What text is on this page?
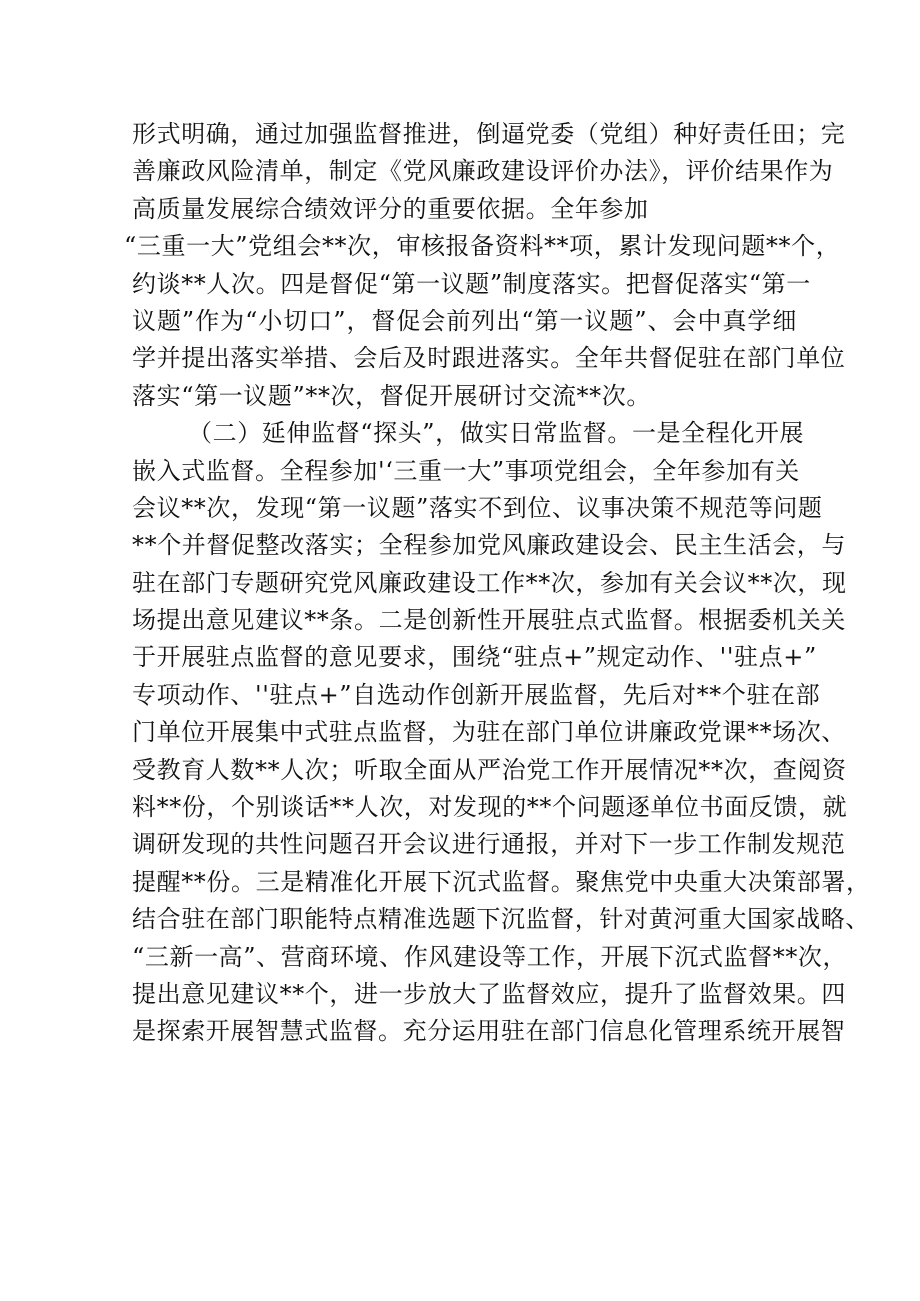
形式明确，通过加强监督推进，倒逼党委（党组）种好责任田；完
善廉政风险清单，制定《党风廉政建设评价办法》，评价结果作为
高质量发展综合绩效评分的重要依据。全年参加
“三重一大”党组会**次，审核报备资料**项，累计发现问题**个，
约谈**人次。四是督促“第一议题”制度落实。把督促落实“第一
议题”作为“小切口”，督促会前列出“第一议题”、会中真学细
学并提出落实举措、会后及时跟进落实。全年共督促驻在部门单位
落实“第一议题”**次，督促开展研讨交流**次。
（二）延伸监督“探头”，做实日常监督。一是全程化开展
嵌入式监督。全程参加'‘三重一大”事项党组会，全年参加有关
会议**次，发现“第一议题”落实不到位、议事决策不规范等问题
**个并督促整改落实；全程参加党风廉政建设会、民主生活会，与
驻在部门专题研究党风廉政建设工作**次，参加有关会议**次，现
场提出意见建议**条。二是创新性开展驻点式监督。根据委机关关
于开展驻点监督的意见要求，围绕“驻点+”规定动作、''驻点+”
专项动作、''驻点+”自选动作创新开展监督，先后对**个驻在部
门单位开展集中式驻点监督，为驻在部门单位讲廉政党课**场次、
受教育人数**人次；听取全面从严治党工作开展情况**次，查阅资
料**份，个别谈话**人次，对发现的**个问题逐单位书面反馈，就
调研发现的共性问题召开会议进行通报，并对下一步工作制发规范
提醒**份。三是精准化开展下沉式监督。聚焦党中央重大决策部署，
结合驻在部门职能特点精准选题下沉监督，针对黄河重大国家战略、
“三新一高”、营商环境、作风建设等工作，开展下沉式监督**次，
提出意见建议**个，进一步放大了监督效应，提升了监督效果。四
是探索开展智慧式监督。充分运用驻在部门信息化管理系统开展智
